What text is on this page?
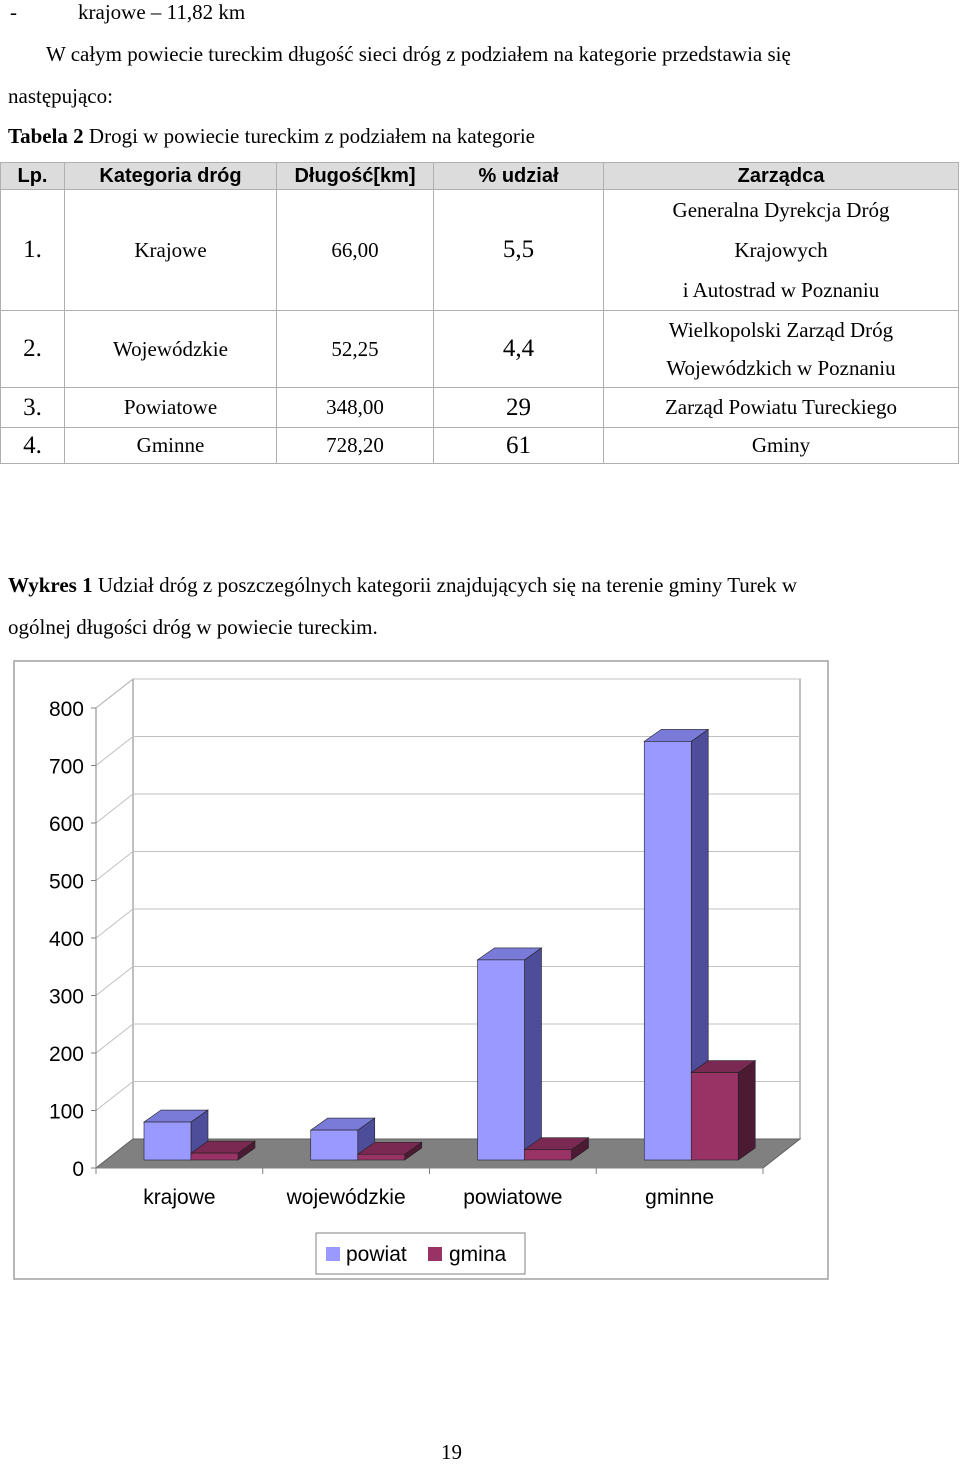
-	krajowe – 11,82 km
W całym powiecie tureckim długość sieci dróg z podziałem na kategorie przedstawia się
następująco:
Tabela 2 Drogi w powiecie tureckim z podziałem na kategorie
Lp.	Kategoria dróg	Długość[km]	% udział	Zarządca
1.	Krajowe	66,00	5,5	Generalna Dyrekcja Dróg
Krajowych
i Autostrad w Poznaniu

2.	Wojewódzkie	52,25	4,4	Wielkopolski Zarząd Dróg
Wojewódzkich w Poznaniu

3.	Powiatowe	348,00	29	Zarząd Powiatu Tureckiego
4.	Gminne	728,20	61	Gminy
Wykres 1 Udział dróg z poszczególnych kategorii znajdujących się na terenie gminy Turek w
ogólnej długości dróg w powiecie tureckim.
0
100
200
300
400
500
600
700
800
krajowe	wojewódzkie	powiatowe	gminne
powiat gmina
19
